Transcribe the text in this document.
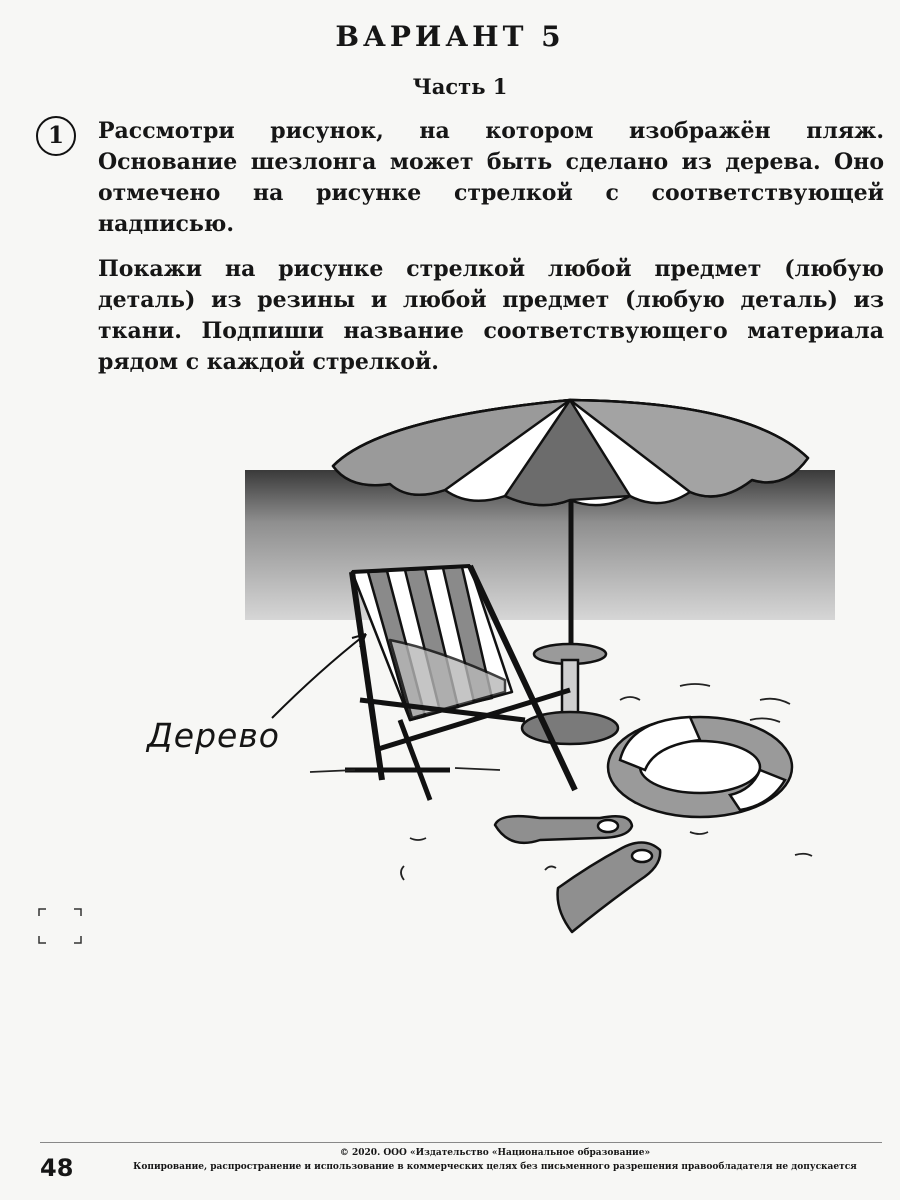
ВАРИАНТ 5
Часть 1
1	Рассмотри рисунок, на котором изображён пляж. Основание шезлонга может быть сделано из дерева. Оно отмечено на рисунке стрелкой с соответствующей надписью.

Покажи на рисунке стрелкой любой предмет (любую деталь) из резины и любой предмет (любую деталь) из ткани. Подпиши название соответствующего материала рядом с каждой стрелкой.

Дерево
48
© 2020. ООО «Издательство «Национальное образование»
Копирование, распространение и использование в коммерческих целях без письменного разрешения правообладателя не допускается
